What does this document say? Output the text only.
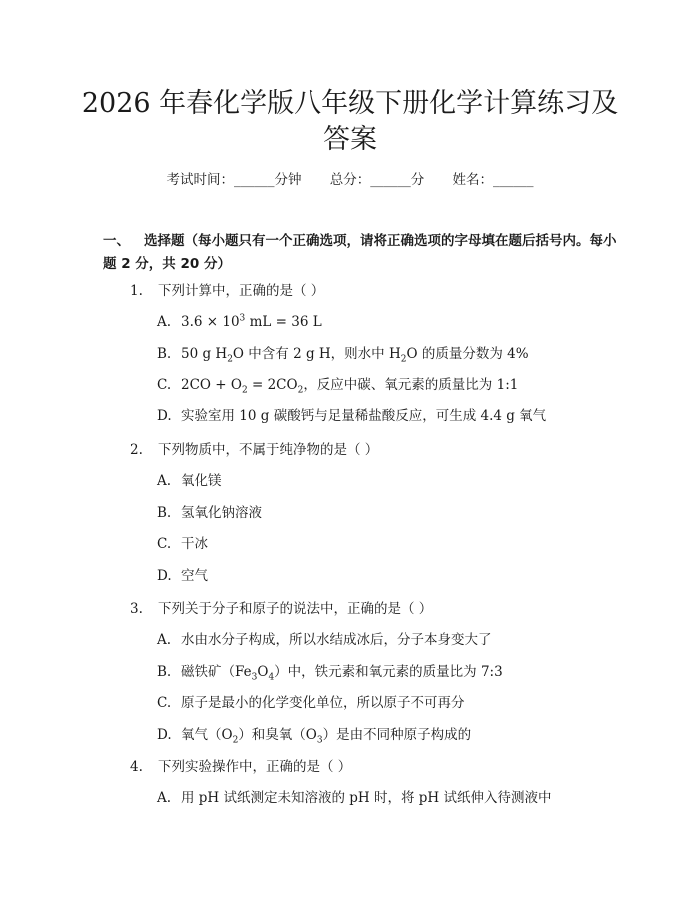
2026 年春化学版八年级下册化学计算练习及
答案
考试时间：______分钟 总分：______分 姓名：______

一、 选择题（每小题只有一个正确选项，请将正确选项的字母填在题后括号内。每小题 2 分，共 20 分）

1. 下列计算中，正确的是（ ）
A. $3.6 \times 10^3$ mL = 36 L
B. 50 g $H_2O$ 中含有 2 g H，则水中 $H_2O$ 的质量分数为 4%
C. $2CO + O_2 = 2CO_2$，反应中碳、氧元素的质量比为 1:1
D. 实验室用 10 g 碳酸钙与足量稀盐酸反应，可生成 4.4 g 氧气
2. 下列物质中，不属于纯净物的是（ ）
A. 氧化镁
B. 氢氧化钠溶液
C. 干冰
D. 空气
3. 下列关于分子和原子的说法中，正确的是（ ）
A. 水由水分子构成，所以水结成冰后，分子本身变大了
B. 磁铁矿$(Fe_3O_4)$中，铁元素和氧元素的质量比为 7:3
C. 原子是最小的化学变化单位，所以原子不可再分
D. 氧气$(O_2)$和臭氧$(O_3)$是由不同种原子构成的
4. 下列实验操作中，正确的是（ ）
A. 用 pH 试纸测定未知溶液的 pH 时，将 pH 试纸伸入待测液中
